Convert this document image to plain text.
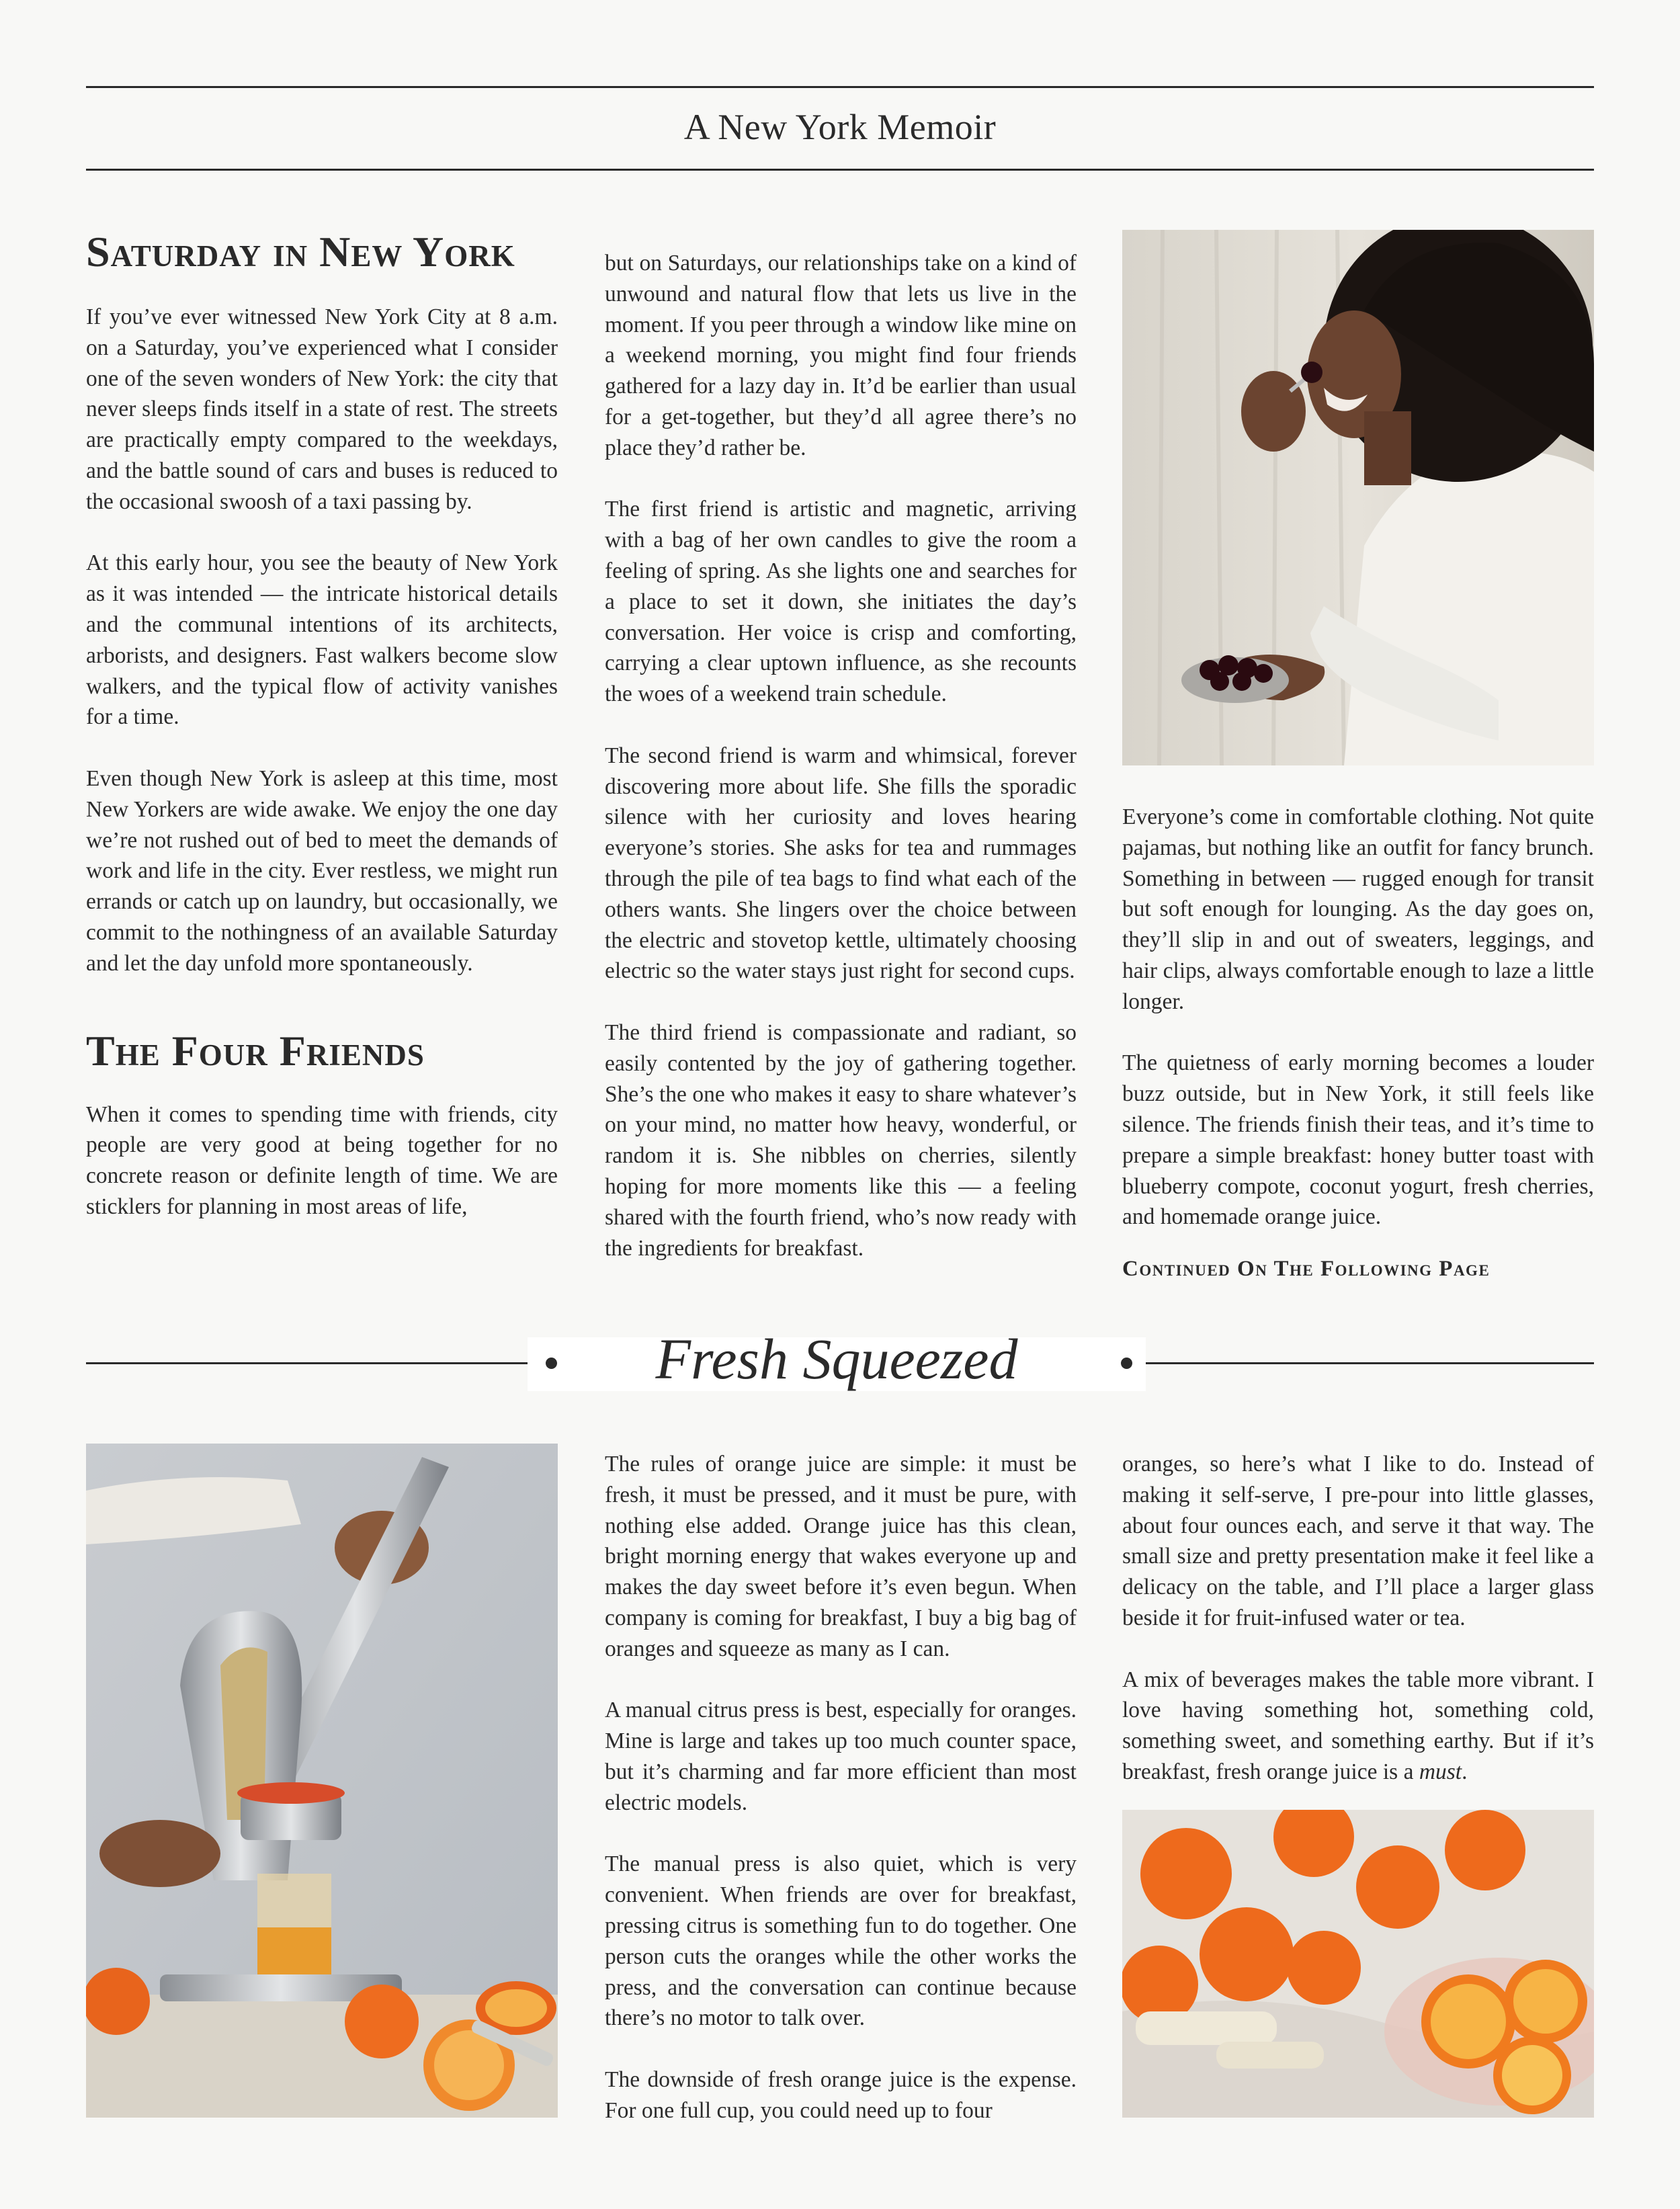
A New York Memoir
Saturday in New York

If you’ve ever witnessed New York City at 8 a.m. on a Saturday, you’ve experienced what I consider one of the seven wonders of New York: the city that never sleeps finds itself in a state of rest. The streets are practically empty compared to the weekdays, and the battle sound of cars and buses is reduced to the occasional swoosh of a taxi passing by.

At this early hour, you see the beauty of New York as it was intended — the intricate historical details and the communal intentions of its architects, arborists, and designers. Fast walkers become slow walkers, and the typical flow of activity vanishes for a time.

Even though New York is asleep at this time, most New Yorkers are wide awake. We enjoy the one day we’re not rushed out of bed to meet the demands of work and life in the city. Ever restless, we might run errands or catch up on laundry, but occasionally, we commit to the nothingness of an available Saturday and let the day unfold more spontaneously.

The Four Friends

When it comes to spending time with friends, city people are very good at being together for no concrete reason or definite length of time. We are sticklers for planning in most areas of life,

but on Saturdays, our relationships take on a kind of unwound and natural flow that lets us live in the moment. If you peer through a window like mine on a weekend morning, you might find four friends gathered for a lazy day in. It’d be earlier than usual for a get-together, but they’d all agree there’s no place they’d rather be.

The first friend is artistic and magnetic, arriving with a bag of her own candles to give the room a feeling of spring. As she lights one and searches for a place to set it down, she initiates the day’s conversation. Her voice is crisp and comforting, carrying a clear uptown influence, as she recounts the woes of a weekend train schedule.

The second friend is warm and whimsical, forever discovering more about life. She fills the sporadic silence with her curiosity and loves hearing everyone’s stories. She asks for tea and rummages through the pile of tea bags to find what each of the others wants. She lingers over the choice between the electric and stovetop kettle, ultimately choosing electric so the water stays just right for second cups.

The third friend is compassionate and radiant, so easily contented by the joy of gathering together. She’s the one who makes it easy to share whatever’s on your mind, no matter how heavy, wonderful, or random it is. She nibbles on cherries, silently hoping for more moments like this — a feeling shared with the fourth friend, who’s now ready with the ingredients for breakfast.

Everyone’s come in comfortable clothing. Not quite pajamas, but nothing like an outfit for fancy brunch. Something in between — rugged enough for transit but soft enough for lounging. As the day goes on, they’ll slip in and out of sweaters, leggings, and hair clips, always comfortable enough to laze a little longer.

The quietness of early morning becomes a louder buzz outside, but in New York, it still feels like silence. The friends finish their teas, and it’s time to prepare a simple breakfast: honey butter toast with blueberry compote, coconut yogurt, fresh cherries, and homemade orange juice.

Continued On The Following Page

Fresh Squeezed

The rules of orange juice are simple: it must be fresh, it must be pressed, and it must be pure, with nothing else added. Orange juice has this clean, bright morning energy that wakes everyone up and makes the day sweet before it’s even begun. When company is coming for breakfast, I buy a big bag of oranges and squeeze as many as I can.

A manual citrus press is best, especially for oranges. Mine is large and takes up too much counter space, but it’s charming and far more efficient than most electric models.

The manual press is also quiet, which is very convenient. When friends are over for breakfast, pressing citrus is something fun to do together. One person cuts the oranges while the other works the press, and the conversation can continue because there’s no motor to talk over.

The downside of fresh orange juice is the expense. For one full cup, you could need up to four

oranges, so here’s what I like to do. Instead of making it self-serve, I pre-pour into little glasses, about four ounces each, and serve it that way. The small size and pretty presentation make it feel like a delicacy on the table, and I’ll place a larger glass beside it for fruit-infused water or tea.

A mix of beverages makes the table more vibrant. I love having something hot, something cold, something sweet, and something earthy. But if it’s breakfast, fresh orange juice is a must.
